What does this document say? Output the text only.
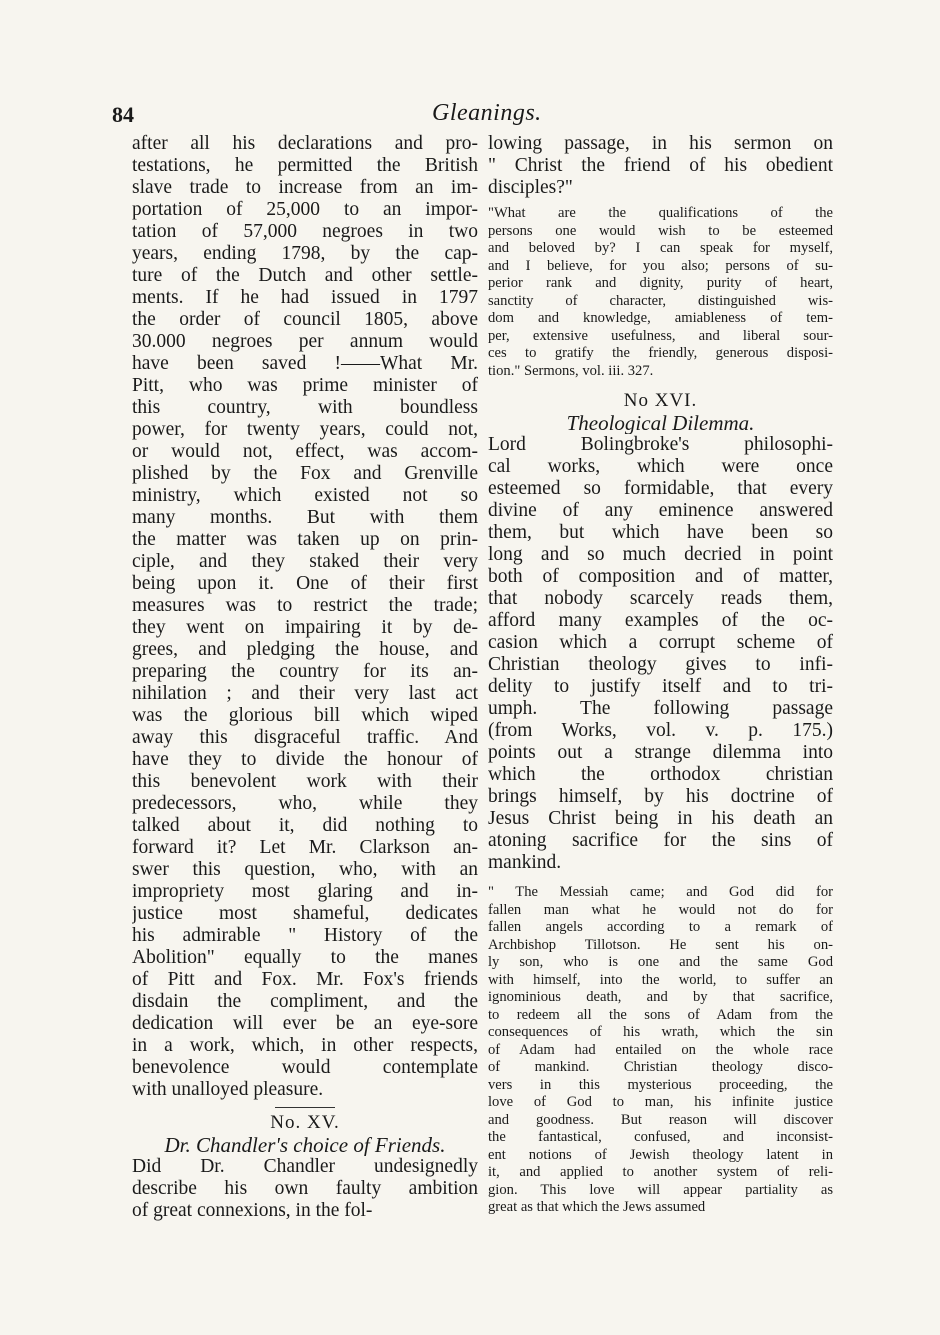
84	Gleanings.
after all his declarations and pro-
testations, he permitted the British
slave trade to increase from an im-
portation of 25,000 to an impor-
tation of 57,000 negroes in two
years, ending 1798, by the cap-
ture of the Dutch and other settle-
ments. If he had issued in 1797
the order of council 1805, above
30.000 negroes per annum would
have been saved !——What Mr.
Pitt, who was prime minister of
this country, with boundless
power, for twenty years, could not,
or would not, effect, was accom-
plished by the Fox and Grenville
ministry, which existed not so
many months. But with them
the matter was taken up on prin-
ciple, and they staked their very
being upon it. One of their first
measures was to restrict the trade;
they went on impairing it by de-
grees, and pledging the house, and
preparing the country for its an-
nihilation ; and their very last act
was the glorious bill which wiped
away this disgraceful traffic. And
have they to divide the honour of
this benevolent work with their
predecessors, who, while they
talked about it, did nothing to
forward it? Let Mr. Clarkson an-
swer this question, who, with an
impropriety most glaring and in-
justice most shameful, dedicates
his admirable " History of the
Abolition" equally to the manes
of Pitt and Fox. Mr. Fox's friends
disdain the compliment, and the
dedication will ever be an eye-sore
in a work, which, in other respects,
benevolence would contemplate
with unalloyed pleasure.
No. XV.
Dr. Chandler's choice of Friends.
Did Dr. Chandler undesignedly
describe his own faulty ambition
of great connexions, in the fol-
lowing passage, in his sermon on
" Christ the friend of his obedient
disciples?"
"What are the qualifications of the
persons one would wish to be esteemed
and beloved by? I can speak for myself,
and I believe, for you also; persons of su-
perior rank and dignity, purity of heart,
sanctity of character, distinguished wis-
dom and knowledge, amiableness of tem-
per, extensive usefulness, and liberal sour-
ces to gratify the friendly, generous disposi-
tion." Sermons, vol. iii. 327.
No XVI.
Theological Dilemma.
Lord Bolingbroke's philosophi-
cal works, which were once
esteemed so formidable, that every
divine of any eminence answered
them, but which have been so
long and so much decried in point
both of composition and of matter,
that nobody scarcely reads them,
afford many examples of the oc-
casion which a corrupt scheme of
Christian theology gives to infi-
delity to justify itself and to tri-
umph. The following passage
(from Works, vol. v. p. 175.)
points out a strange dilemma into
which the orthodox christian
brings himself, by his doctrine of
Jesus Christ being in his death an
atoning sacrifice for the sins of
mankind.
" The Messiah came; and God did for
fallen man what he would not do for
fallen angels according to a remark of
Archbishop Tillotson. He sent his on-
ly son, who is one and the same God
with himself, into the world, to suffer an
ignominious death, and by that sacrifice,
to redeem all the sons of Adam from the
consequences of his wrath, which the sin
of Adam had entailed on the whole race
of mankind. Christian theology disco-
vers in this mysterious proceeding, the
love of God to man, his infinite justice
and goodness. But reason will discover
the fantastical, confused, and inconsist-
ent notions of Jewish theology latent in
it, and applied to another system of reli-
gion. This love will appear partiality as
great as that which the Jews assumed
